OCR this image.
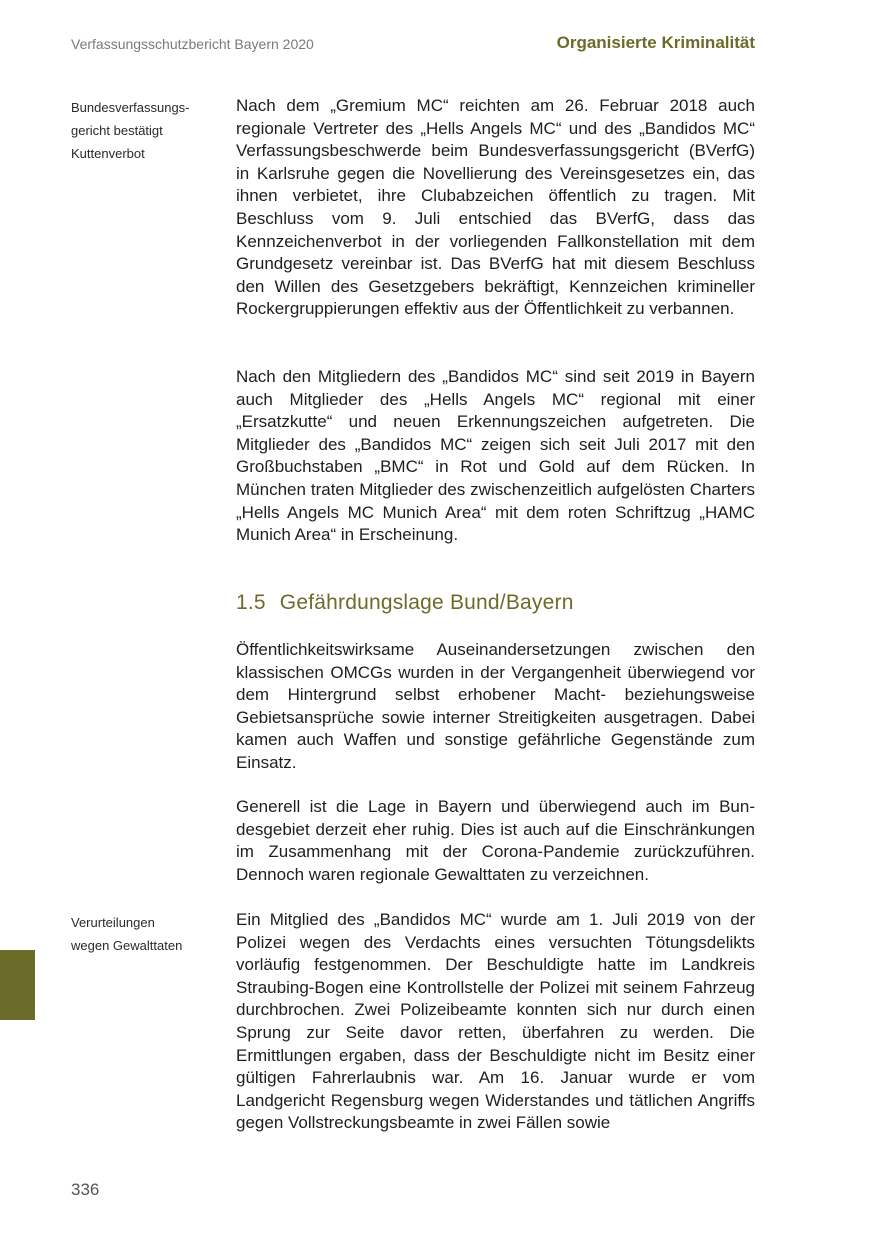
Verfassungsschutzbericht Bayern 2020	Organisierte Kriminalität
Bundesverfassungs-
gericht bestätigt
Kuttenverbot

Nach dem „Gremium MC“ reichten am 26. Februar 2018 auch regionale Vertreter des „Hells Angels MC“ und des „Bandidos MC“ Verfassungsbeschwerde beim Bundesverfassungsgericht (BVerfG) in Karlsruhe gegen die Novellierung des Vereinsgesetzes ein, das ihnen verbietet, ihre Clubabzeichen öffentlich zu tragen. Mit Beschluss vom 9. Juli entschied das BVerfG, dass das Kennzeichenverbot in der vorliegenden Fallkonstellation mit dem Grundgesetz vereinbar ist. Das BVerfG hat mit diesem Beschluss den Willen des Gesetzgebers bekräftigt, Kennzeichen krimineller Rockergruppierungen effektiv aus der Öffentlichkeit zu verbannen.

Nach den Mitgliedern des „Bandidos MC“ sind seit 2019 in Bayern auch Mitglieder des „Hells Angels MC“ regional mit einer „Ersatzkutte“ und neuen Erkennungszeichen aufgetreten. Die Mitglieder des „Bandidos MC“ zeigen sich seit Juli 2017 mit den Großbuchstaben „BMC“ in Rot und Gold auf dem Rücken. In München traten Mitglieder des zwischenzeitlich aufgelösten Charters „Hells Angels MC Munich Area“ mit dem roten Schriftzug „HAMC Munich Area“ in Erscheinung.

1.5 Gefährdungslage Bund/Bayern

Öffentlichkeitswirksame Auseinandersetzungen zwischen den klassischen OMCGs wurden in der Vergangenheit überwiegend vor dem Hintergrund selbst erhobener Macht- beziehungsweise Gebietsansprüche sowie interner Streitigkeiten ausgetragen. Dabei kamen auch Waffen und sonstige gefährliche Gegenstände zum Einsatz.

Generell ist die Lage in Bayern und überwiegend auch im Bundesgebiet derzeit eher ruhig. Dies ist auch auf die Einschränkungen im Zusammenhang mit der Corona-Pandemie zurückzuführen. Dennoch waren regionale Gewalttaten zu verzeichnen.

Verurteilungen
wegen Gewalttaten

Ein Mitglied des „Bandidos MC“ wurde am 1. Juli 2019 von der Polizei wegen des Verdachts eines versuchten Tötungsdelikts vorläufig festgenommen. Der Beschuldigte hatte im Landkreis Straubing-Bogen eine Kontrollstelle der Polizei mit seinem Fahrzeug durchbrochen. Zwei Polizeibeamte konnten sich nur durch einen Sprung zur Seite davor retten, überfahren zu werden. Die Ermittlungen ergaben, dass der Beschuldigte nicht im Besitz einer gültigen Fahrerlaubnis war. Am 16. Januar wurde er vom Landgericht Regensburg wegen Widerstandes und tätlichen Angriffs gegen Vollstreckungsbeamte in zwei Fällen sowie

336
